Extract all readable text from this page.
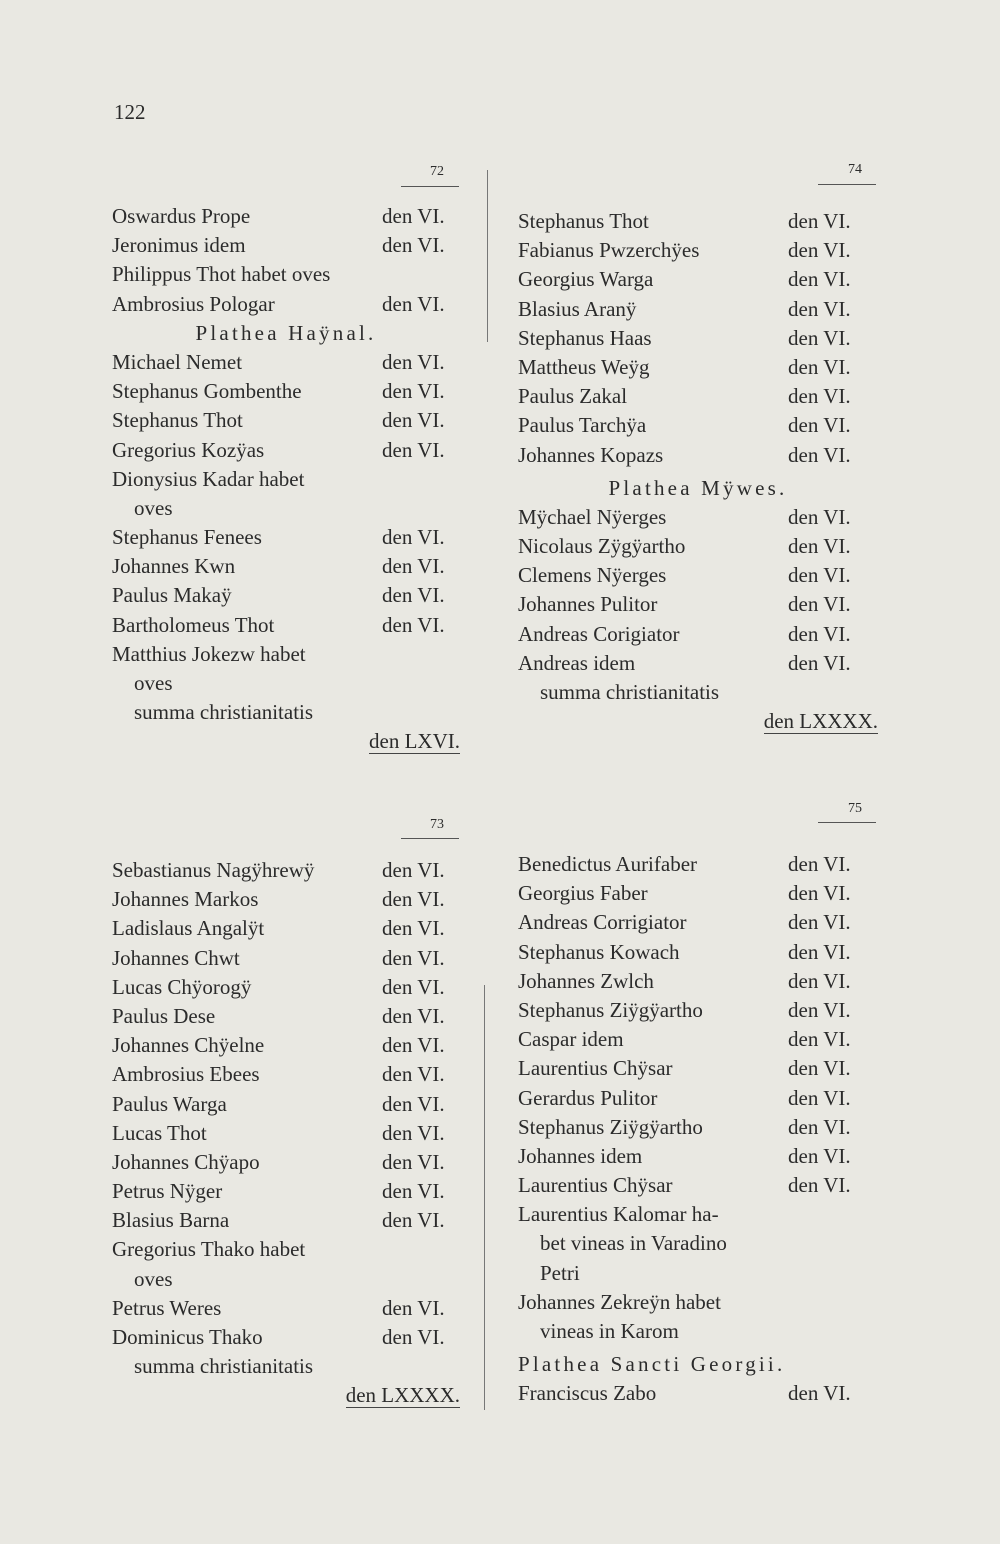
122
72
Oswardus Prope	den VI.
Jeronimus idem	den VI.
Philippus Thot habet oves
Ambrosius Pologar	den VI.
Plathea Haÿnal.
Michael Nemet	den VI.
Stephanus Gombenthe	den VI.
Stephanus Thot	den VI.
Gregorius Kozÿas	den VI.
Dionysius Kadar habet
oves
Stephanus Fenees	den VI.
Johannes Kwn	den VI.
Paulus Makaÿ	den VI.
Bartholomeus Thot	den VI.
Matthius Jokezw habet
oves
summa christianitatis
den LXVI.
73
Sebastianus Nagÿhrewÿ	den VI.
Johannes Markos	den VI.
Ladislaus Angalÿt	den VI.
Johannes Chwt	den VI.
Lucas Chÿorogÿ	den VI.
Paulus Dese	den VI.
Johannes Chÿelne	den VI.
Ambrosius Ebees	den VI.
Paulus Warga	den VI.
Lucas Thot	den VI.
Johannes Chÿapo	den VI.
Petrus Nÿger	den VI.
Blasius Barna	den VI.
Gregorius Thako habet
oves
Petrus Weres	den VI.
Dominicus Thako	den VI.
summa christianitatis
den LXXXX.
74
Stephanus Thot	den VI.
Fabianus Pwzerchÿes	den VI.
Georgius Warga	den VI.
Blasius Aranÿ	den VI.
Stephanus Haas	den VI.
Mattheus Weÿg	den VI.
Paulus Zakal	den VI.
Paulus Tarchÿa	den VI.
Johannes Kopazs	den VI.
Plathea Mÿwes.
Mÿchael Nÿerges	den VI.
Nicolaus Zÿgÿartho	den VI.
Clemens Nÿerges	den VI.
Johannes Pulitor	den VI.
Andreas Corigiator	den VI.
Andreas idem	den VI.
summa christianitatis
den LXXXX.
75
Benedictus Aurifaber	den VI.
Georgius Faber	den VI.
Andreas Corrigiator	den VI.
Stephanus Kowach	den VI.
Johannes Zwlch	den VI.
Stephanus Ziÿgÿartho	den VI.
Caspar idem	den VI.
Laurentius Chÿsar	den VI.
Gerardus Pulitor	den VI.
Stephanus Ziÿgÿartho	den VI.
Johannes idem	den VI.
Laurentius Chÿsar	den VI.
Laurentius Kalomar ha-
bet vineas in Varadino
Petri
Johannes Zekreÿn habet
vineas in Karom
Plathea Sancti Georgii.
Franciscus Zabo	den VI.
